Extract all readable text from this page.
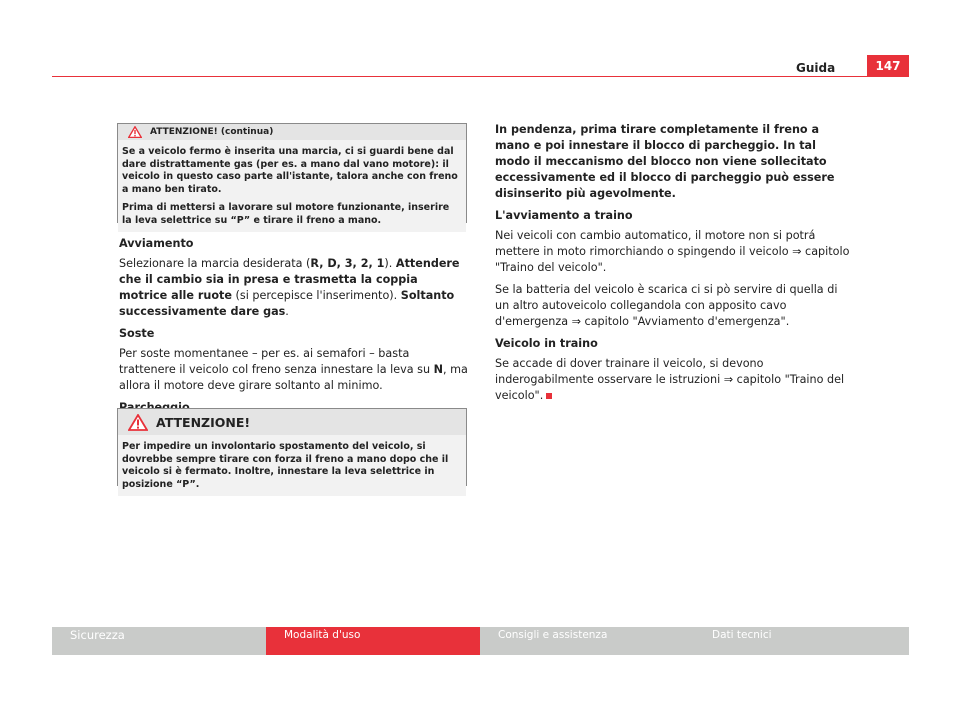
Guida	147
ATTENZIONE! (continua)

Se a veicolo fermo è inserita una marcia, ci si guardi bene dal dare distrattamente gas (per es. a mano dal vano motore): il veicolo in questo caso parte all'istante, talora anche con freno a mano ben tirato.

Prima di mettersi a lavorare sul motore funzionante, inserire la leva selettrice su “P” e tirare il freno a mano.

Avviamento

Selezionare la marcia desiderata (R, D, 3, 2, 1). Attendere che il cambio sia in presa e trasmetta la coppia motrice alle ruote (si percepisce l'inserimento). Soltanto successivamente dare gas.

Soste

Per soste momentanee – per es. ai semafori – basta trattenere il veicolo col freno senza innestare la leva su N, ma allora il motore deve girare soltanto al minimo.

ATTENZIONE!

Per impedire un involontario spostamento del veicolo, si dovrebbe sempre tirare con forza il freno a mano dopo che il veicolo si è fermato. Inoltre, innestare la leva selettrice in posizione “P”.

In pendenza, prima tirare completamente il freno a mano e poi innestare il blocco di parcheggio. In tal modo il meccanismo del blocco non viene sollecitato eccessivamente ed il blocco di parcheggio può essere disinserito più agevolmente.

L'avviamento a traino

Nei veicoli con cambio automatico, il motore non si potrá mettere in moto rimorchiando o spingendo il veicolo ⇒ capitolo "Traino del veicolo".

Se la batteria del veicolo è scarica ci si pò servire di quella di un altro autoveicolo collegandola con apposito cavo d'emergenza ⇒ capitolo "Avviamento d'emergenza".

Veicolo in traino

Se accade di dover trainare il veicolo, si devono inderogabilmente osservare le istruzioni ⇒ capitolo "Traino del veicolo".

Sicurezza	Modalità d'uso	Consigli e assistenza	Dati tecnici
